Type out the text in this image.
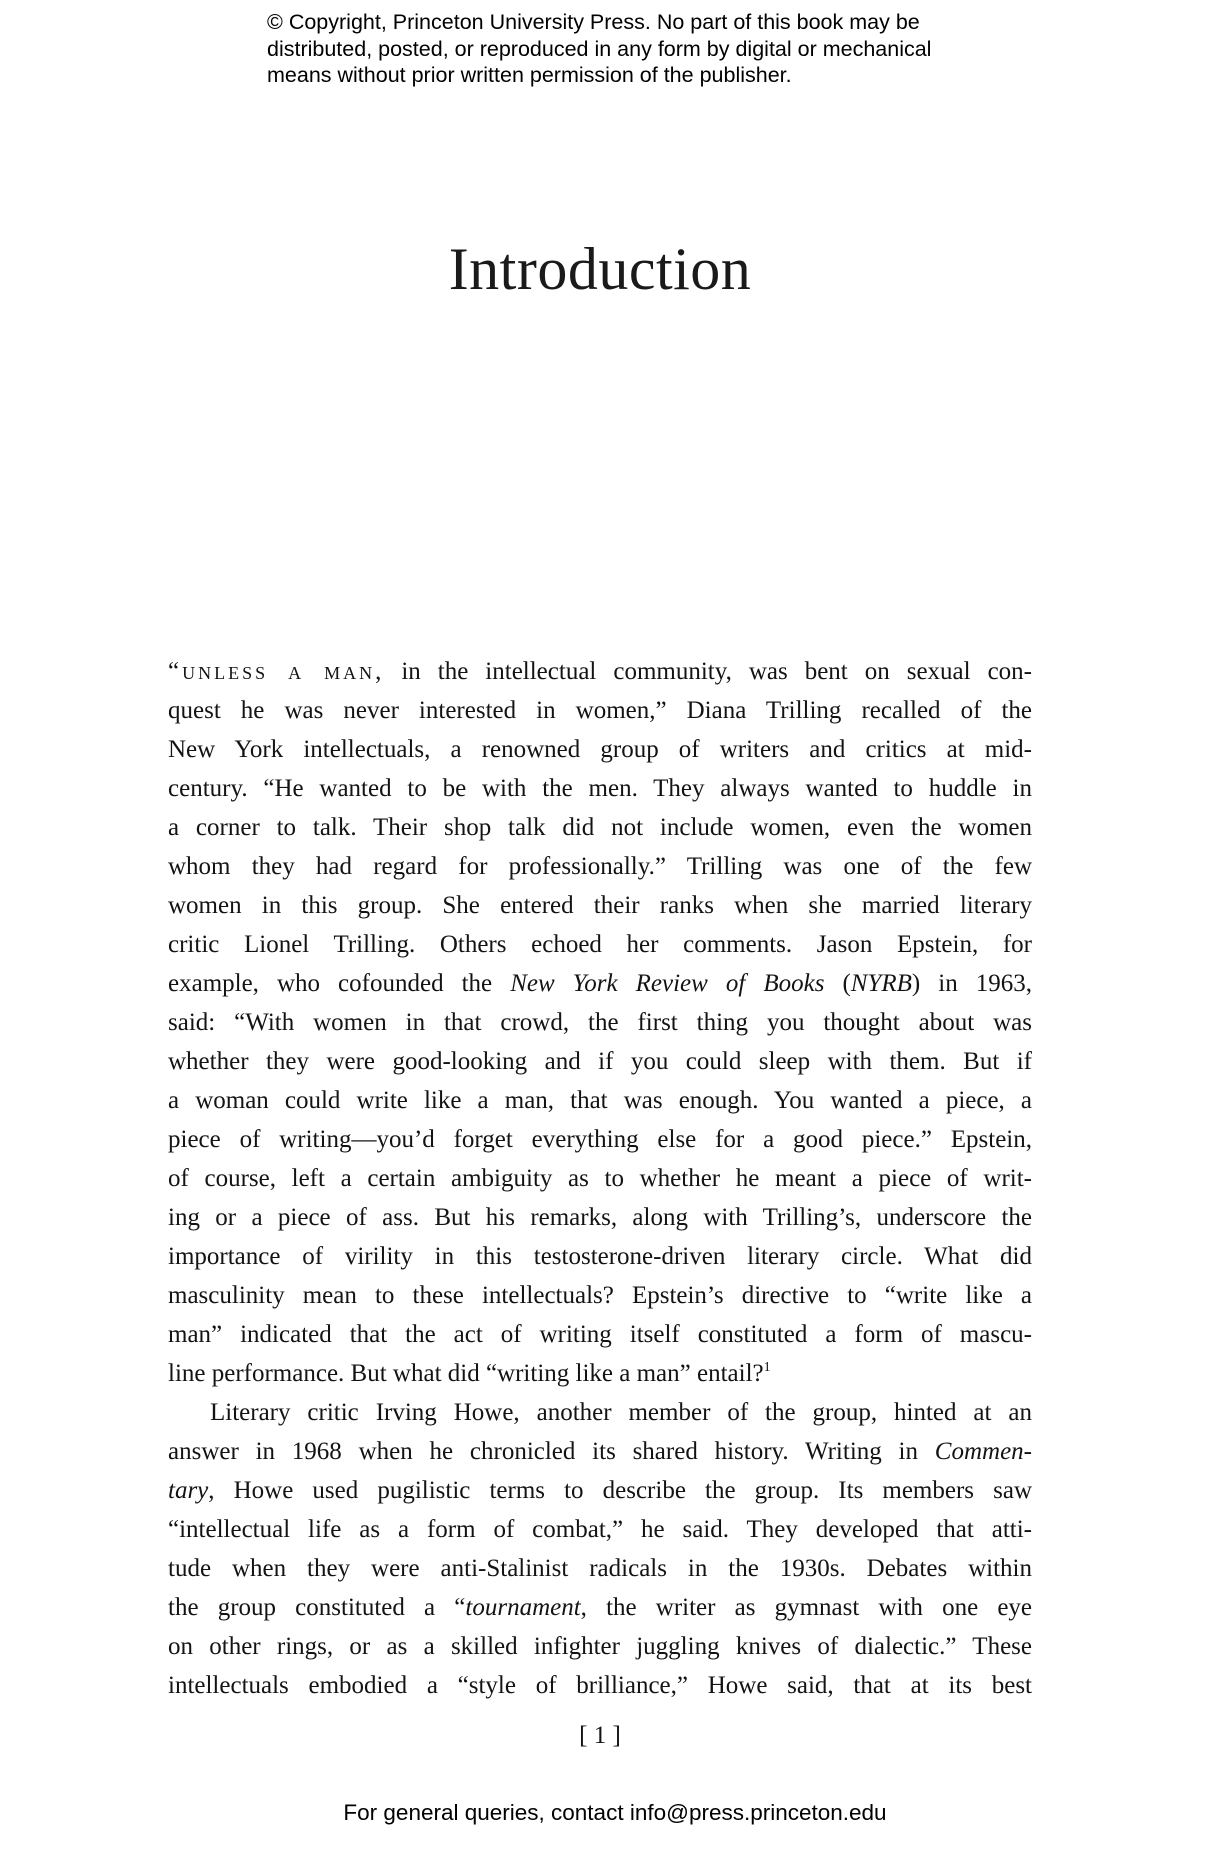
© Copyright, Princeton University Press. No part of this book may be
distributed, posted, or reproduced in any form by digital or mechanical
means without prior written permission of the publisher.
Introduction
“unless a man, in the intellectual community, was bent on sexual con-
quest he was never interested in women,” Diana Trilling recalled of the
New York intellectuals, a renowned group of writers and critics at mid-
century. “He wanted to be with the men. They always wanted to huddle in
a corner to talk. Their shop talk did not include women, even the women
whom they had regard for professionally.” Trilling was one of the few
women in this group. She entered their ranks when she married literary
critic Lionel Trilling. Others echoed her comments. Jason Epstein, for
example, who cofounded the New York Review of Books (NYRB) in 1963,
said: “With women in that crowd, the first thing you thought about was
whether they were good-looking and if you could sleep with them. But if
a woman could write like a man, that was enough. You wanted a piece, a
piece of writing—you’d forget everything else for a good piece.” Epstein,
of course, left a certain ambiguity as to whether he meant a piece of writ-
ing or a piece of ass. But his remarks, along with Trilling’s, underscore the
importance of virility in this testosterone-driven literary circle. What did
masculinity mean to these intellectuals? Epstein’s directive to “write like a
man” indicated that the act of writing itself constituted a form of mascu-
line performance. But what did “writing like a man” entail?$^1$
Literary critic Irving Howe, another member of the group, hinted at an
answer in 1968 when he chronicled its shared history. Writing in Commen-
tary, Howe used pugilistic terms to describe the group. Its members saw
“intellectual life as a form of combat,” he said. They developed that atti-
tude when they were anti-Stalinist radicals in the 1930s. Debates within
the group constituted a “tournament, the writer as gymnast with one eye
on other rings, or as a skilled infighter juggling knives of dialectic.” These
intellectuals embodied a “style of brilliance,” Howe said, that at its best
[ 1 ]
For general queries, contact info@press.princeton.edu
